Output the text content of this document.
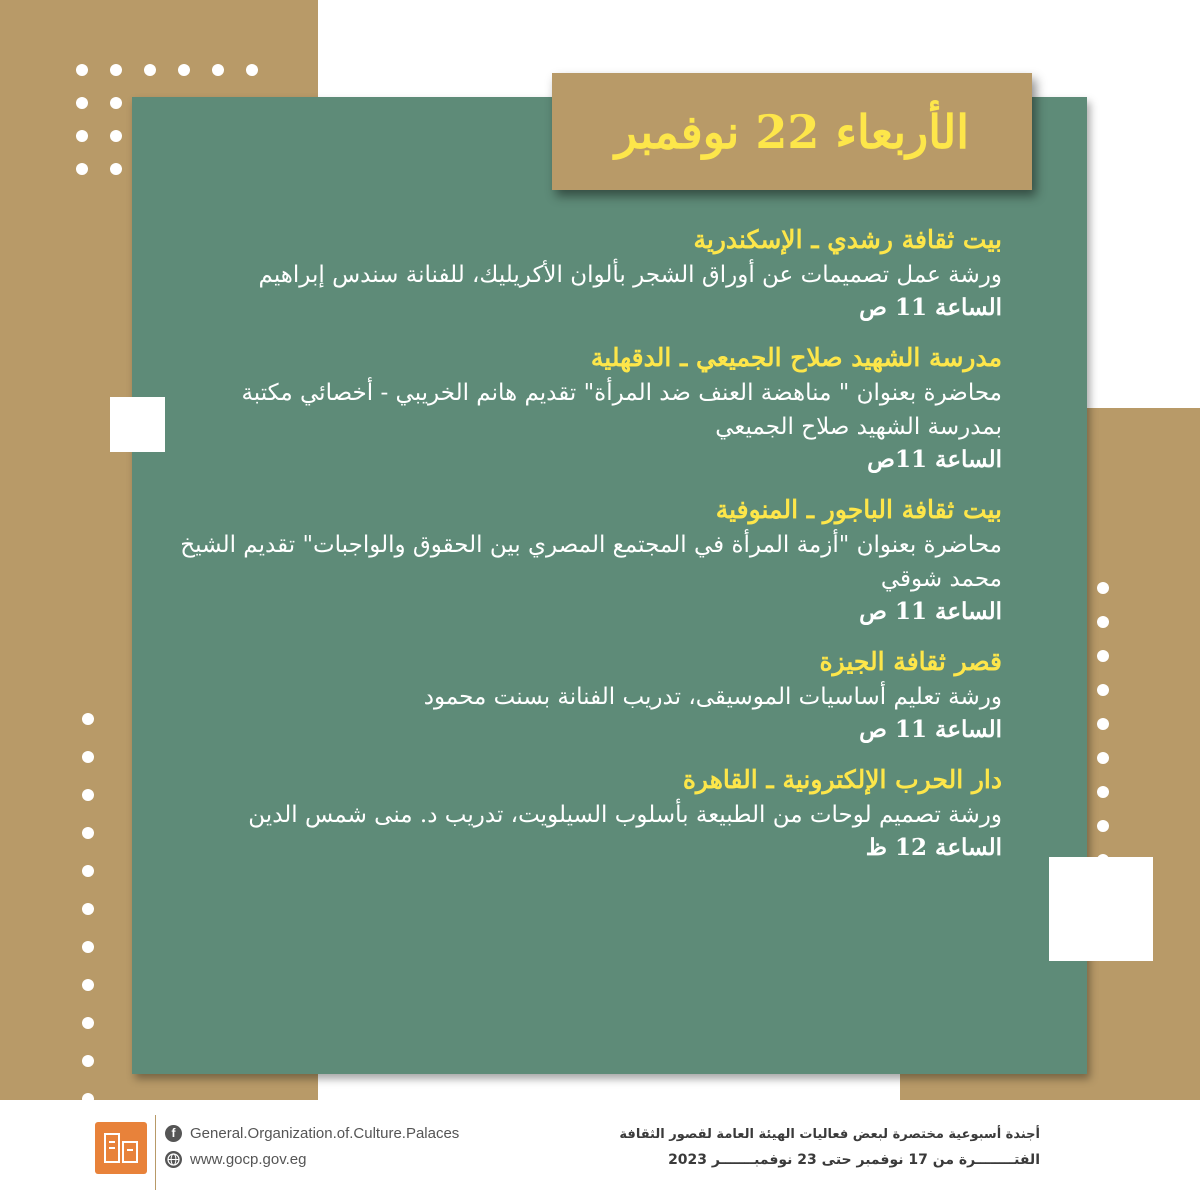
الأربعاء 22 نوفمبر
بيت ثقافة رشدي ـ الإسكندرية
ورشة عمل تصميمات عن أوراق الشجر بألوان الأكريليك، للفنانة سندس إبراهيم
الساعة 11 ص
مدرسة الشهيد صلاح الجميعي ـ الدقهلية
محاضرة بعنوان " مناهضة العنف ضد المرأة" تقديم هانم الخريبي - أخصائي مكتبة بمدرسة الشهيد صلاح الجميعي
الساعة 11ص
بيت ثقافة الباجور ـ المنوفية
محاضرة بعنوان "أزمة المرأة في المجتمع المصري بين الحقوق والواجبات" تقديم الشيخ محمد شوقي
الساعة 11 ص
قصر ثقافة الجيزة
ورشة تعليم أساسيات الموسيقى، تدريب الفنانة بسنت محمود
الساعة 11 ص
دار الحرب الإلكترونية ـ القاهرة
ورشة تصميم لوحات من الطبيعة بأسلوب السيلويت، تدريب د. منى شمس الدين
الساعة 12 ظ
f General.Organization.of.Culture.Palaces
www.gocp.gov.eg
أجندة أسبوعية مختصرة لبعض فعاليات الهيئة العامة لقصور الثقافة
الفتــــــــرة من 17 نوفمبر حتى 23 نوفمبـــــــر 2023
